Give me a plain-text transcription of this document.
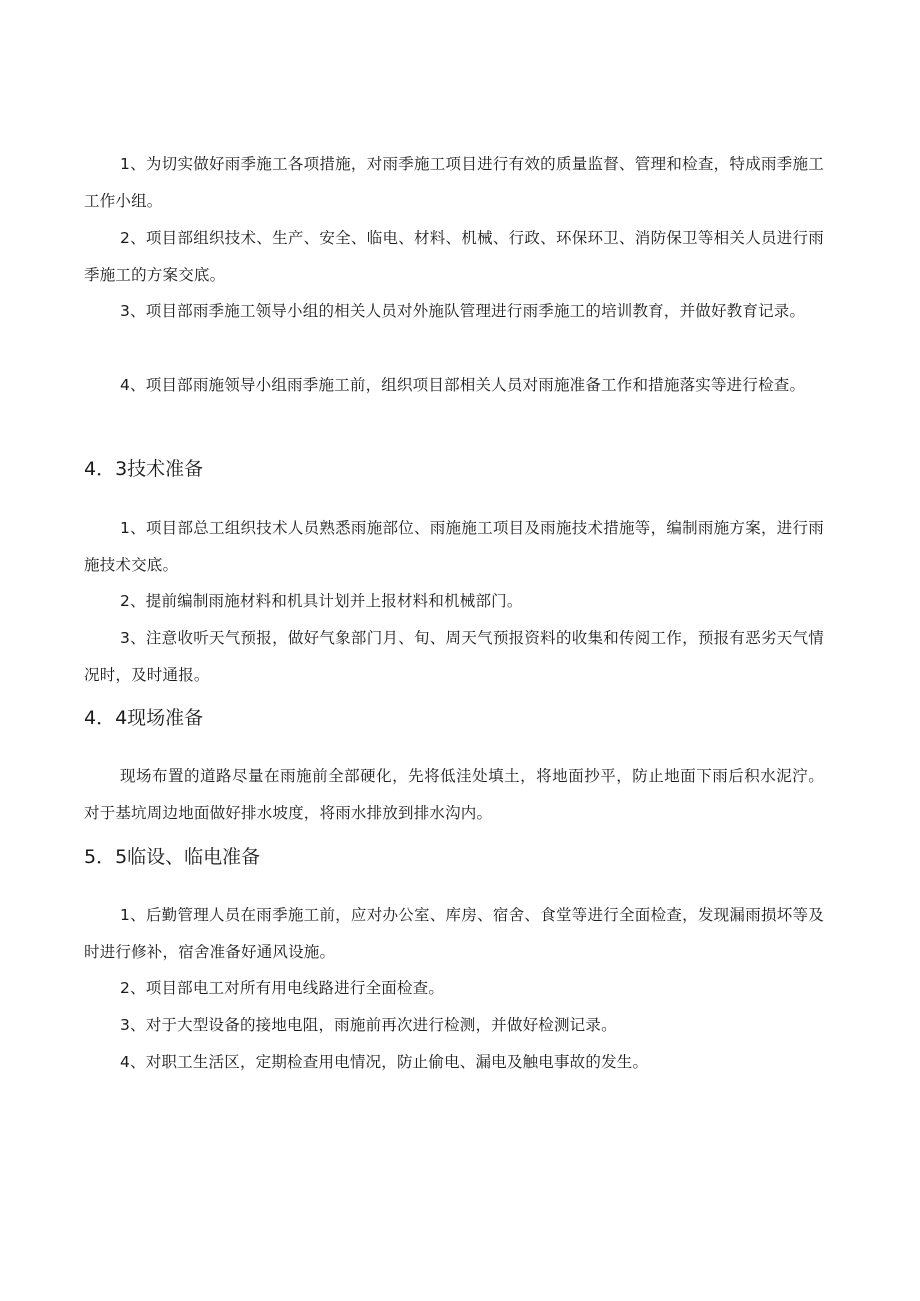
1、为切实做好雨季施工各项措施，对雨季施工项目进行有效的质量监督、管理和检查，特成雨季施工工作小组。

2、项目部组织技术、生产、安全、临电、材料、机械、行政、环保环卫、消防保卫等相关人员进行雨季施工的方案交底。

3、项目部雨季施工领导小组的相关人员对外施队管理进行雨季施工的培训教育，并做好教育记录。

4、项目部雨施领导小组雨季施工前，组织项目部相关人员对雨施准备工作和措施落实等进行检查。

4．3技术准备

1、项目部总工组织技术人员熟悉雨施部位、雨施施工项目及雨施技术措施等，编制雨施方案，进行雨施技术交底。

2、提前编制雨施材料和机具计划并上报材料和机械部门。

3、注意收听天气预报，做好气象部门月、旬、周天气预报资料的收集和传阅工作，预报有恶劣天气情况时，及时通报。

4．4现场准备

现场布置的道路尽量在雨施前全部硬化，先将低洼处填土，将地面抄平，防止地面下雨后积水泥泞。对于基坑周边地面做好排水坡度，将雨水排放到排水沟内。

5．5临设、临电准备

1、后勤管理人员在雨季施工前，应对办公室、库房、宿舍、食堂等进行全面检查，发现漏雨损坏等及时进行修补，宿舍准备好通风设施。

2、项目部电工对所有用电线路进行全面检查。

3、对于大型设备的接地电阻，雨施前再次进行检测，并做好检测记录。

4、对职工生活区，定期检查用电情况，防止偷电、漏电及触电事故的发生。
